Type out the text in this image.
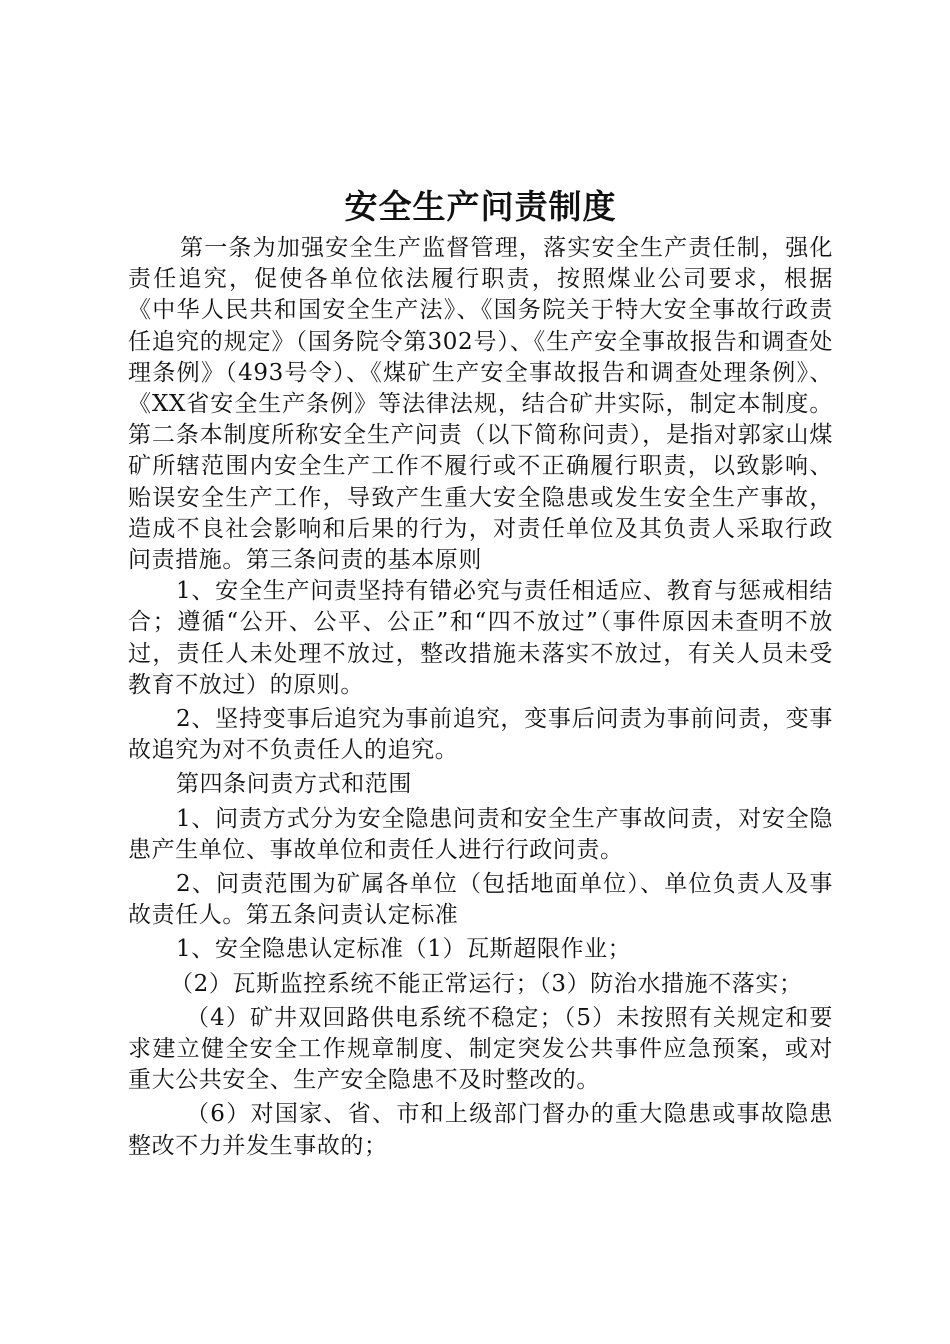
安全生产问责制度

第一条为加强安全生产监督管理，落实安全生产责任制，强化责任追究，促使各单位依法履行职责，按照煤业公司要求，根据《中华人民共和国安全生产法》、《国务院关于特大安全事故行政责任追究的规定》（国务院令第302号）、《生产安全事故报告和调查处理条例》（493号令）、《煤矿生产安全事故报告和调查处理条例》、《XX省安全生产条例》等法律法规，结合矿井实际，制定本制度。第二条本制度所称安全生产问责（以下简称问责），是指对郭家山煤矿所辖范围内安全生产工作不履行或不正确履行职责，以致影响、贻误安全生产工作，导致产生重大安全隐患或发生安全生产事故，造成不良社会影响和后果的行为，对责任单位及其负责人采取行政问责措施。第三条问责的基本原则

1、安全生产问责坚持有错必究与责任相适应、教育与惩戒相结合；遵循“公开、公平、公正”和“四不放过”（事件原因未查明不放过，责任人未处理不放过，整改措施未落实不放过，有关人员未受教育不放过）的原则。

2、坚持变事后追究为事前追究，变事后问责为事前问责，变事故追究为对不负责任人的追究。

第四条问责方式和范围

1、问责方式分为安全隐患问责和安全生产事故问责，对安全隐患产生单位、事故单位和责任人进行行政问责。

2、问责范围为矿属各单位（包括地面单位）、单位负责人及事故责任人。第五条问责认定标准

1、安全隐患认定标准（1）瓦斯超限作业；

（2）瓦斯监控系统不能正常运行；（3）防治水措施不落实；

（4）矿井双回路供电系统不稳定；（5）未按照有关规定和要求建立健全安全工作规章制度、制定突发公共事件应急预案，或对重大公共安全、生产安全隐患不及时整改的。

（6）对国家、省、市和上级部门督办的重大隐患或事故隐患整改不力并发生事故的；
